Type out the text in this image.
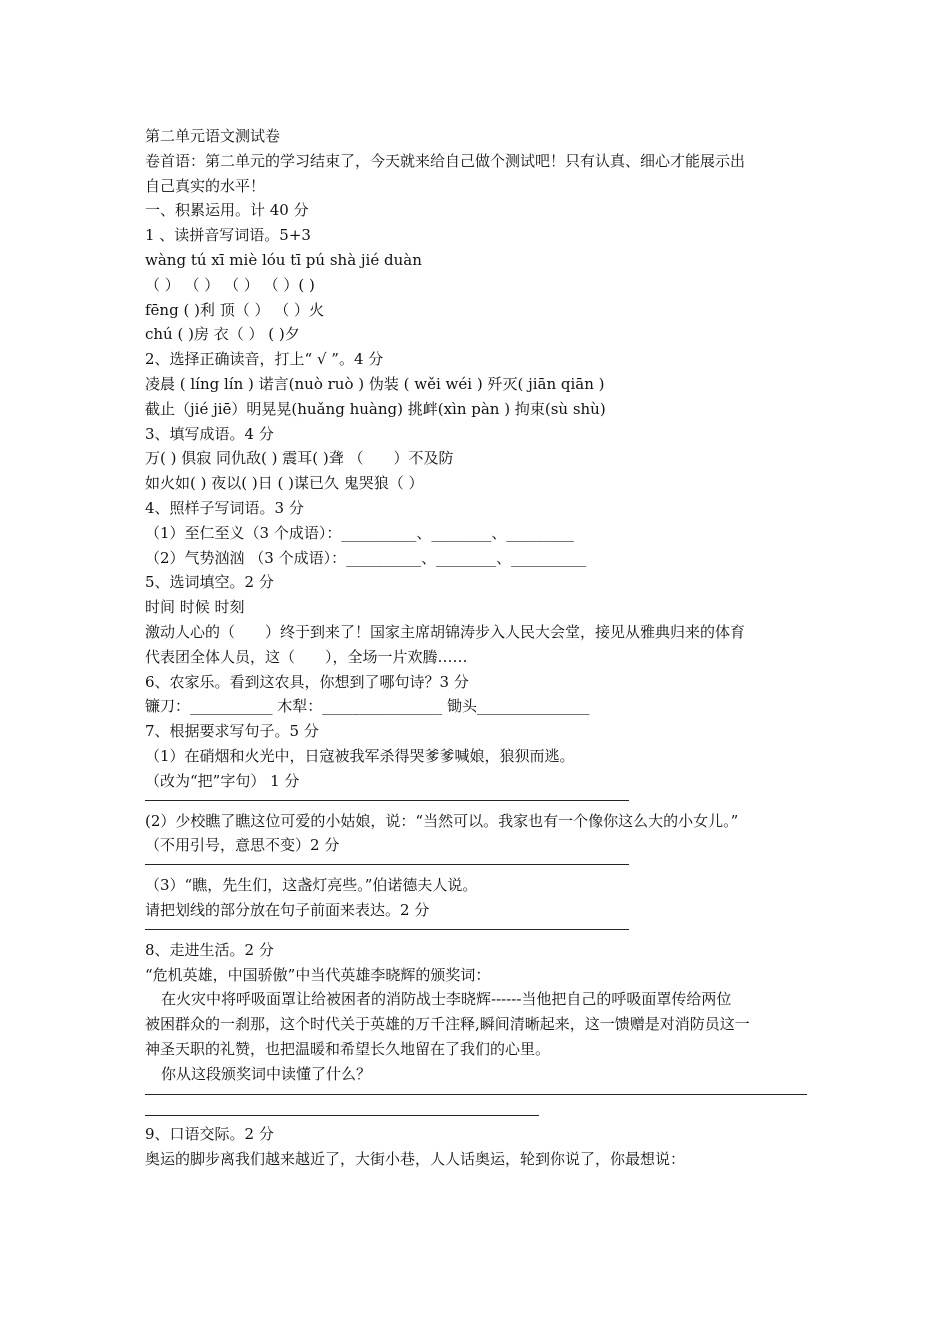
第二单元语文测试卷
卷首语：第二单元的学习结束了，今天就来给自己做个测试吧！只有认真、细心才能展示出
自己真实的水平！
一、积累运用。计 40 分
1 、读拼音写词语。5+3
wàng tú xī miè lóu tī pú shà jié duàn
（ ） （ ） （ ） （ ）( )
fēng ( )利 顶（ ） （ ）火
chú ( )房 衣（ ） ( )夕
2、选择正确读音，打上“ √ ”。4 分
凌晨 ( líng lín ) 诺言(nuò ruò ) 伪装 ( wěi wéi ) 歼灭( jiān qiān )
截止（jié jiē）明晃晃(huǎng huàng) 挑衅(xìn pàn ) 拘束(sù shù)
3、填写成语。4 分
万( ) 俱寂 同仇敌( ) 震耳( )聋 （　　）不及防
如火如( ) 夜以( )日 ( )谋已久 鬼哭狼（ ）
4、照样子写词语。3 分
（1）至仁至义（3 个成语）：__________、________、_________
（2）气势汹汹 （3 个成语）：__________、________、__________
5、选词填空。2 分
时间 时候 时刻
激动人心的（　　）终于到来了！国家主席胡锦涛步入人民大会堂，接见从雅典归来的体育
代表团全体人员，这（　　），全场一片欢腾……
6、农家乐。看到这农具，你想到了哪句诗？3 分
镰刀：___________ 木犁：________________ 锄头_______________
7、根据要求写句子。5 分
（1）在硝烟和火光中，日寇被我军杀得哭爹爹喊娘，狼狈而逃。
（改为“把”字句） 1 分
(2）少校瞧了瞧这位可爱的小姑娘，说：“当然可以。我家也有一个像你这么大的小女儿。”
（不用引号，意思不变）2 分
（3）“瞧，先生们，这盏灯亮些。”伯诺德夫人说。
请把划线的部分放在句子前面来表达。2 分
8、走进生活。2 分
“危机英雄，中国骄傲”中当代英雄李晓辉的颁奖词：
在火灾中将呼吸面罩让给被困者的消防战士李晓辉------当他把自己的呼吸面罩传给两位
被困群众的一刹那，这个时代关于英雄的万千注释,瞬间清晰起来，这一馈赠是对消防员这一
神圣天职的礼赞，也把温暖和希望长久地留在了我们的心里。
你从这段颁奖词中读懂了什么？
9、口语交际。2 分
奥运的脚步离我们越来越近了，大街小巷，人人话奥运，轮到你说了，你最想说：
